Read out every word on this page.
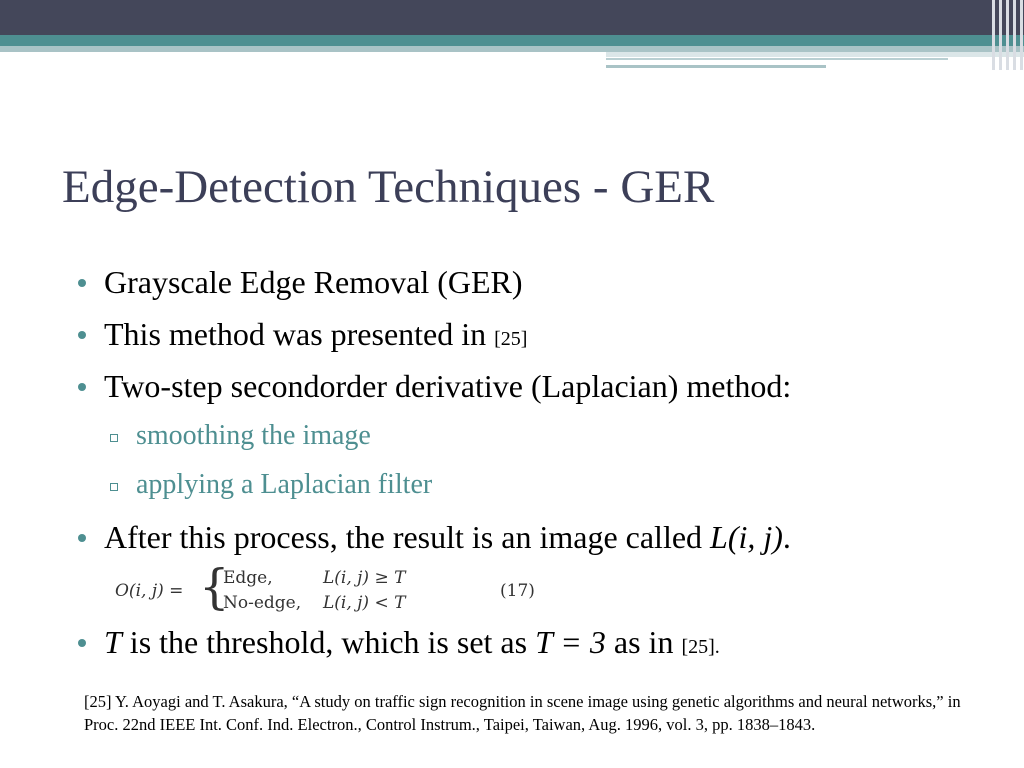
Edge-Detection Techniques - GER
Grayscale Edge Removal (GER)
This method was presented in [25]
Two-step secondorder derivative (Laplacian) method:
smoothing the image
applying a Laplacian filter
After this process, the result is an image called L(i, j).
T is the threshold, which is set as T = 3 as in [25].
O(i, j) = {
Edge,	L(i, j) ≥ T
No-edge, L(i, j) < T
(17)
[25] Y. Aoyagi and T. Asakura, “A study on traffic sign recognition in scene image using genetic algorithms and neural networks,” in Proc. 22nd IEEE Int. Conf. Ind. Electron., Control Instrum., Taipei, Taiwan, Aug. 1996, vol. 3, pp. 1838–1843.
